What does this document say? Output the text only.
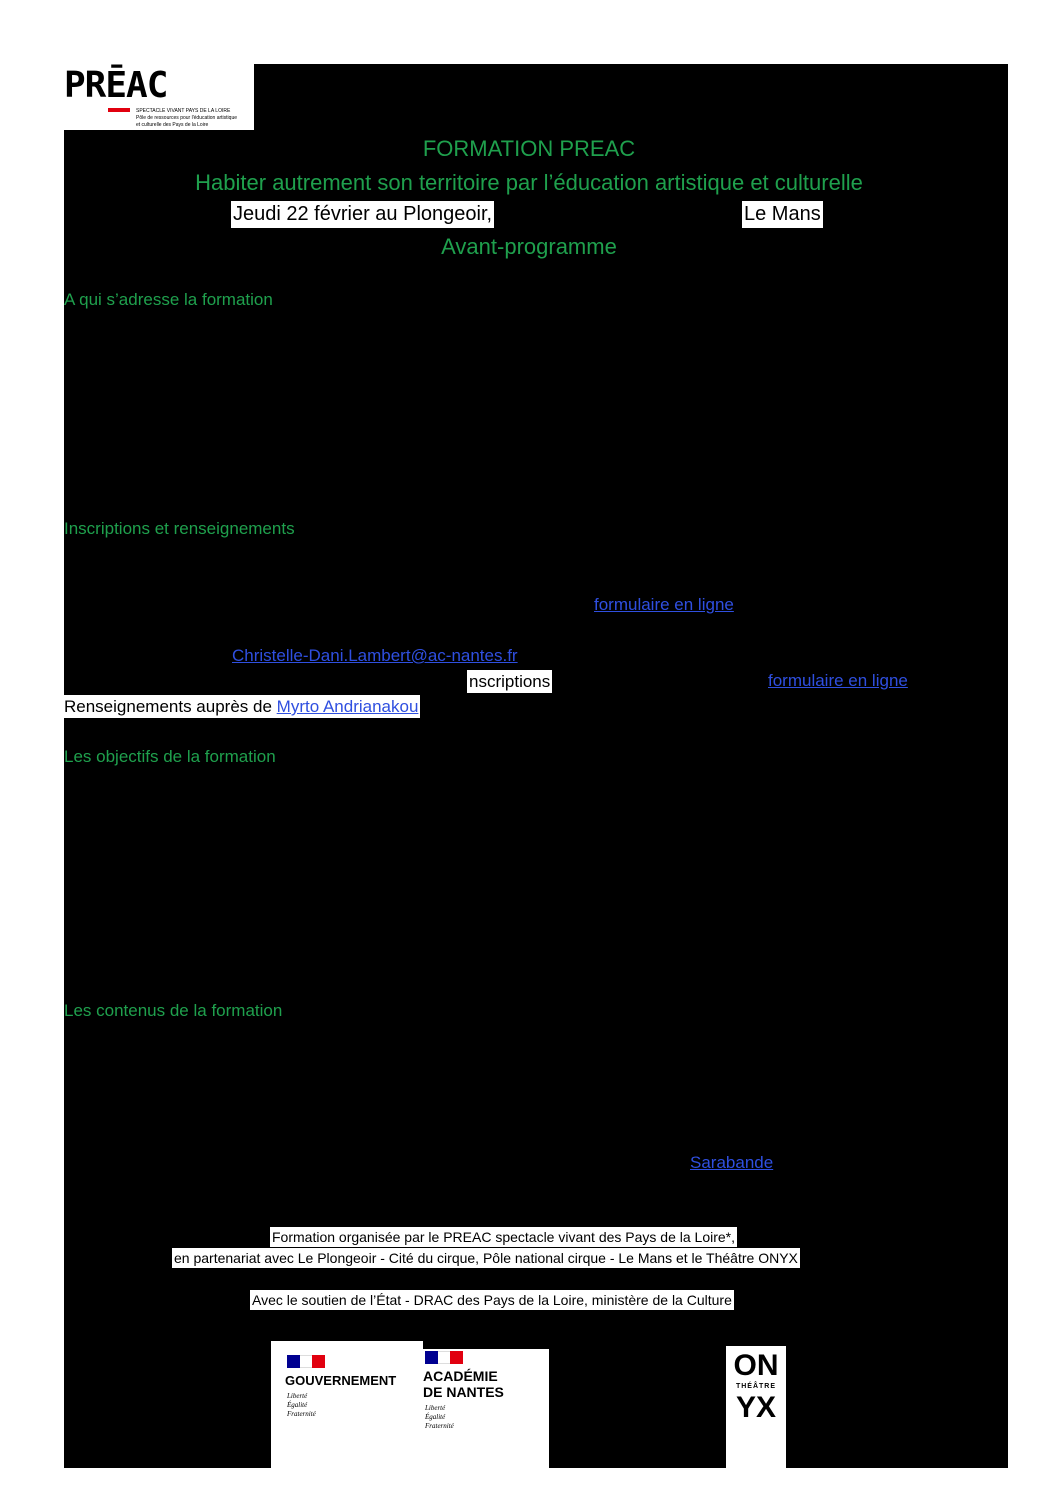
PRĒAC
SPECTACLE VIVANT PAYS DE LA LOIRE
Pôle de ressources pour l'éducation artistique
et culturelle des Pays de la Loire
FORMATION PREAC
Habiter autrement son territoire par l’éducation artistique et culturelle
Jeudi 22 février au Plongeoir,	Le Mans
Avant-programme
A qui s’adresse la formation
Inscriptions et renseignements
Les objectifs de la formation
Les contenus de la formation
formulaire en ligne
Christelle-Dani.Lambert@ac-nantes.fr
nscriptions	formulaire en ligne
Renseignements auprès de Myrto Andrianakou
Sarabande
Formation organisée par le PREAC spectacle vivant des Pays de la Loire*,
en partenariat avec Le Plongeoir - Cité du cirque, Pôle national cirque - Le Mans et le Théâtre ONYX
Avec le soutien de l’État - DRAC des Pays de la Loire, ministère de la Culture
GOUVERNEMENT
Liberté
Égalité
Fraternité
ACADÉMIE
DE NANTES
Liberté
Égalité
Fraternité
ON
THÉÂTRE
YX
